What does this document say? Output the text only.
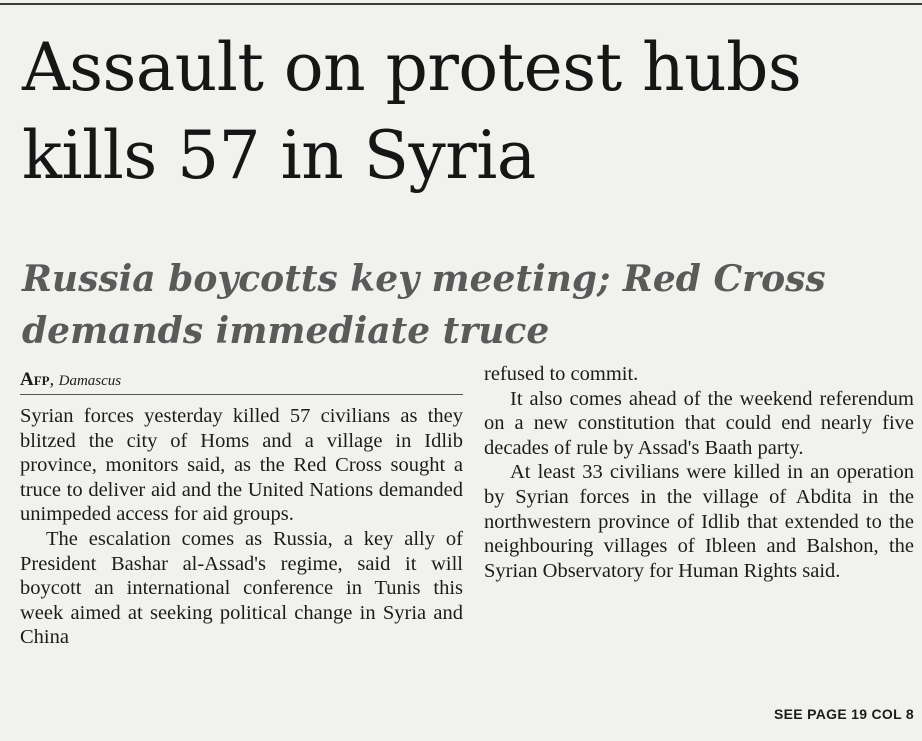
Assault on protest hubs kills 57 in Syria
Russia boycotts key meeting; Red Cross demands immediate truce
Afp, Damascus

Syrian forces yesterday killed 57 civilians as they blitzed the city of Homs and a village in Idlib province, monitors said, as the Red Cross sought a truce to deliver aid and the United Nations demanded unimpeded access for aid groups.

The escalation comes as Russia, a key ally of President Bashar al-Assad's regime, said it will boycott an international conference in Tunis this week aimed at seeking political change in Syria and China

refused to commit.

It also comes ahead of the weekend referendum on a new constitution that could end nearly five decades of rule by Assad's Baath party.

At least 33 civilians were killed in an operation by Syrian forces in the village of Abdita in the northwestern province of Idlib that extended to the neighbouring villages of Ibleen and Balshon, the Syrian Observatory for Human Rights said.

SEE PAGE 19 COL 8
